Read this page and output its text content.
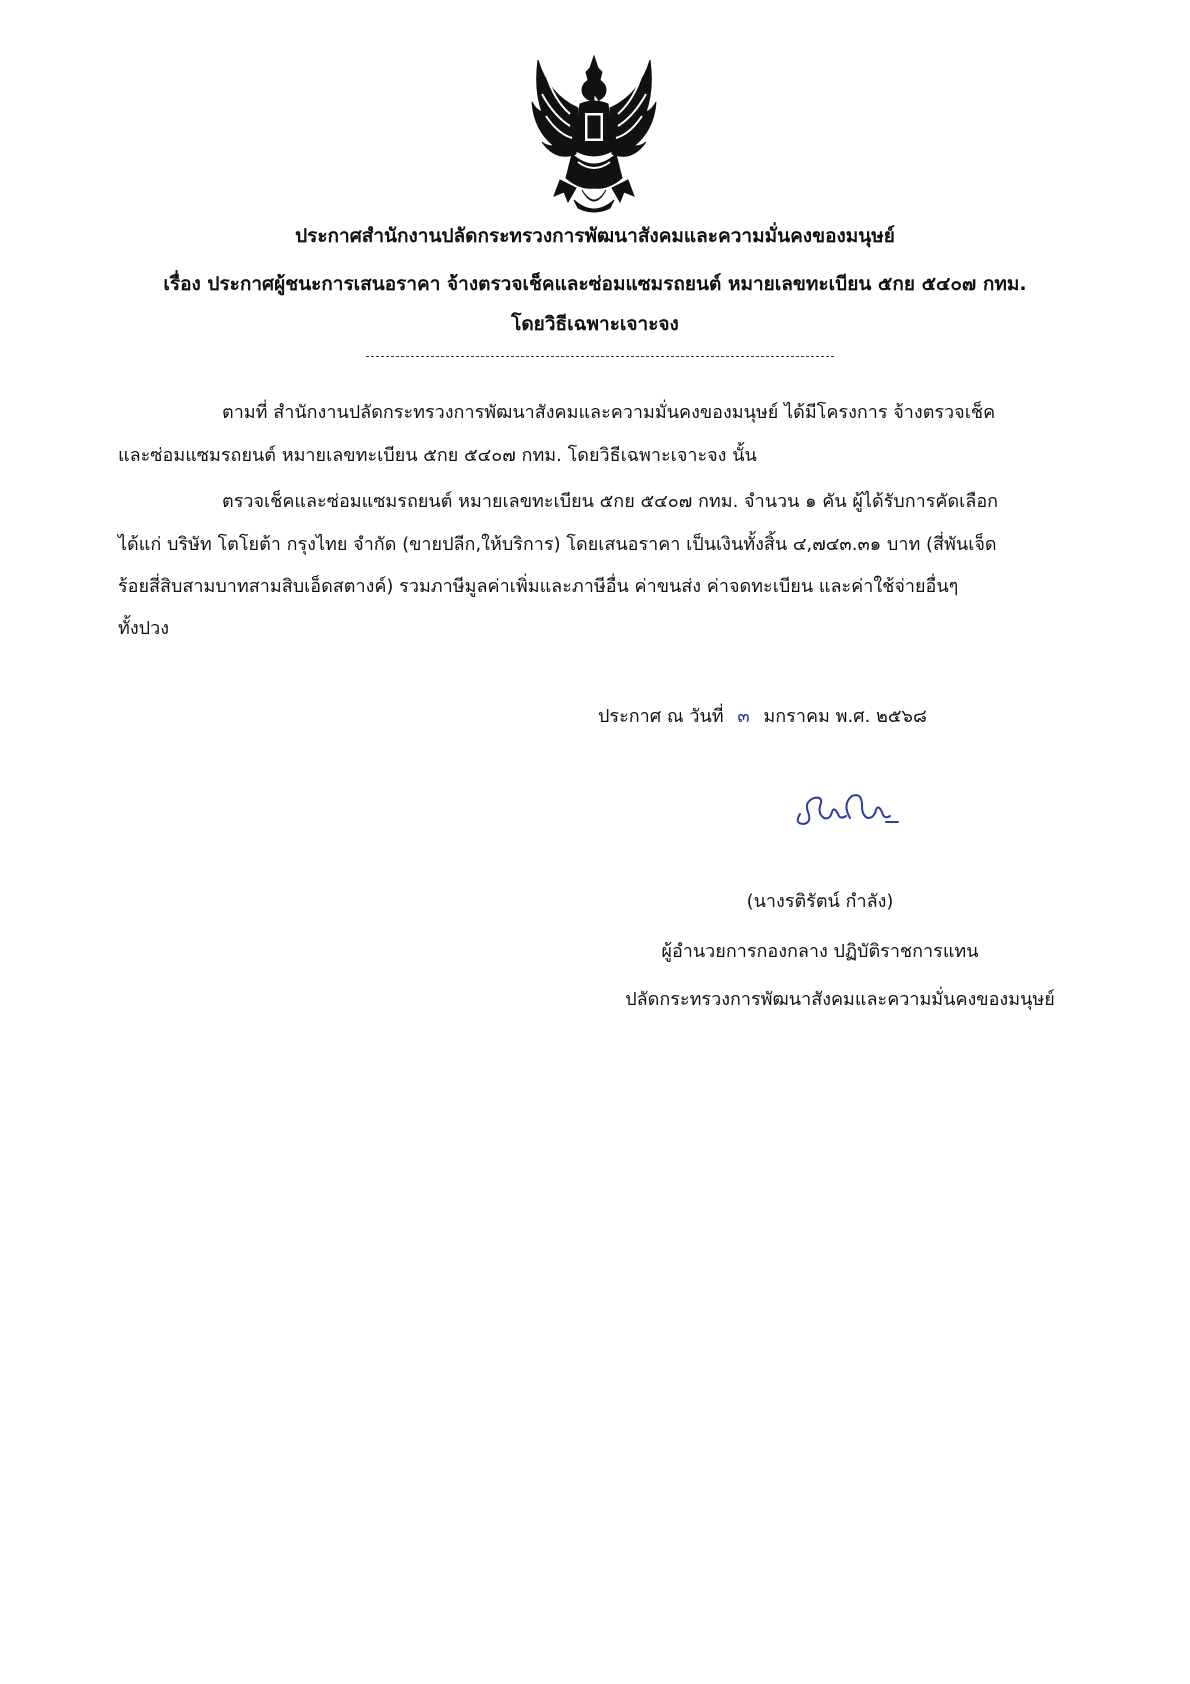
ประกาศสำนักงานปลัดกระทรวงการพัฒนาสังคมและความมั่นคงของมนุษย์
เรื่อง ประกาศผู้ชนะการเสนอราคา จ้างตรวจเช็คและซ่อมแซมรถยนต์ หมายเลขทะเบียน ๕กย ๕๔๐๗ กทม.
โดยวิธีเฉพาะเจาะจง
ตามที่ สำนักงานปลัดกระทรวงการพัฒนาสังคมและความมั่นคงของมนุษย์ ได้มีโครงการ จ้างตรวจเช็ค
และซ่อมแซมรถยนต์ หมายเลขทะเบียน ๕กย ๕๔๐๗ กทม. โดยวิธีเฉพาะเจาะจง นั้น
ตรวจเช็คและซ่อมแซมรถยนต์ หมายเลขทะเบียน ๕กย ๕๔๐๗ กทม. จำนวน ๑ คัน ผู้ได้รับการคัดเลือก
ได้แก่ บริษัท โตโยต้า กรุงไทย จำกัด (ขายปลีก,ให้บริการ) โดยเสนอราคา เป็นเงินทั้งสิ้น ๔,๗๔๓.๓๑ บาท (สี่พันเจ็ด
ร้อยสี่สิบสามบาทสามสิบเอ็ดสตางค์) รวมภาษีมูลค่าเพิ่มและภาษีอื่น ค่าขนส่ง ค่าจดทะเบียน และค่าใช้จ่ายอื่นๆ
ทั้งปวง
ประกาศ ณ วันที่ ๓ มกราคม พ.ศ. ๒๕๖๘
(นางรติรัตน์ กำลัง)
ผู้อำนวยการกองกลาง ปฏิบัติราชการแทน
ปลัดกระทรวงการพัฒนาสังคมและความมั่นคงของมนุษย์
